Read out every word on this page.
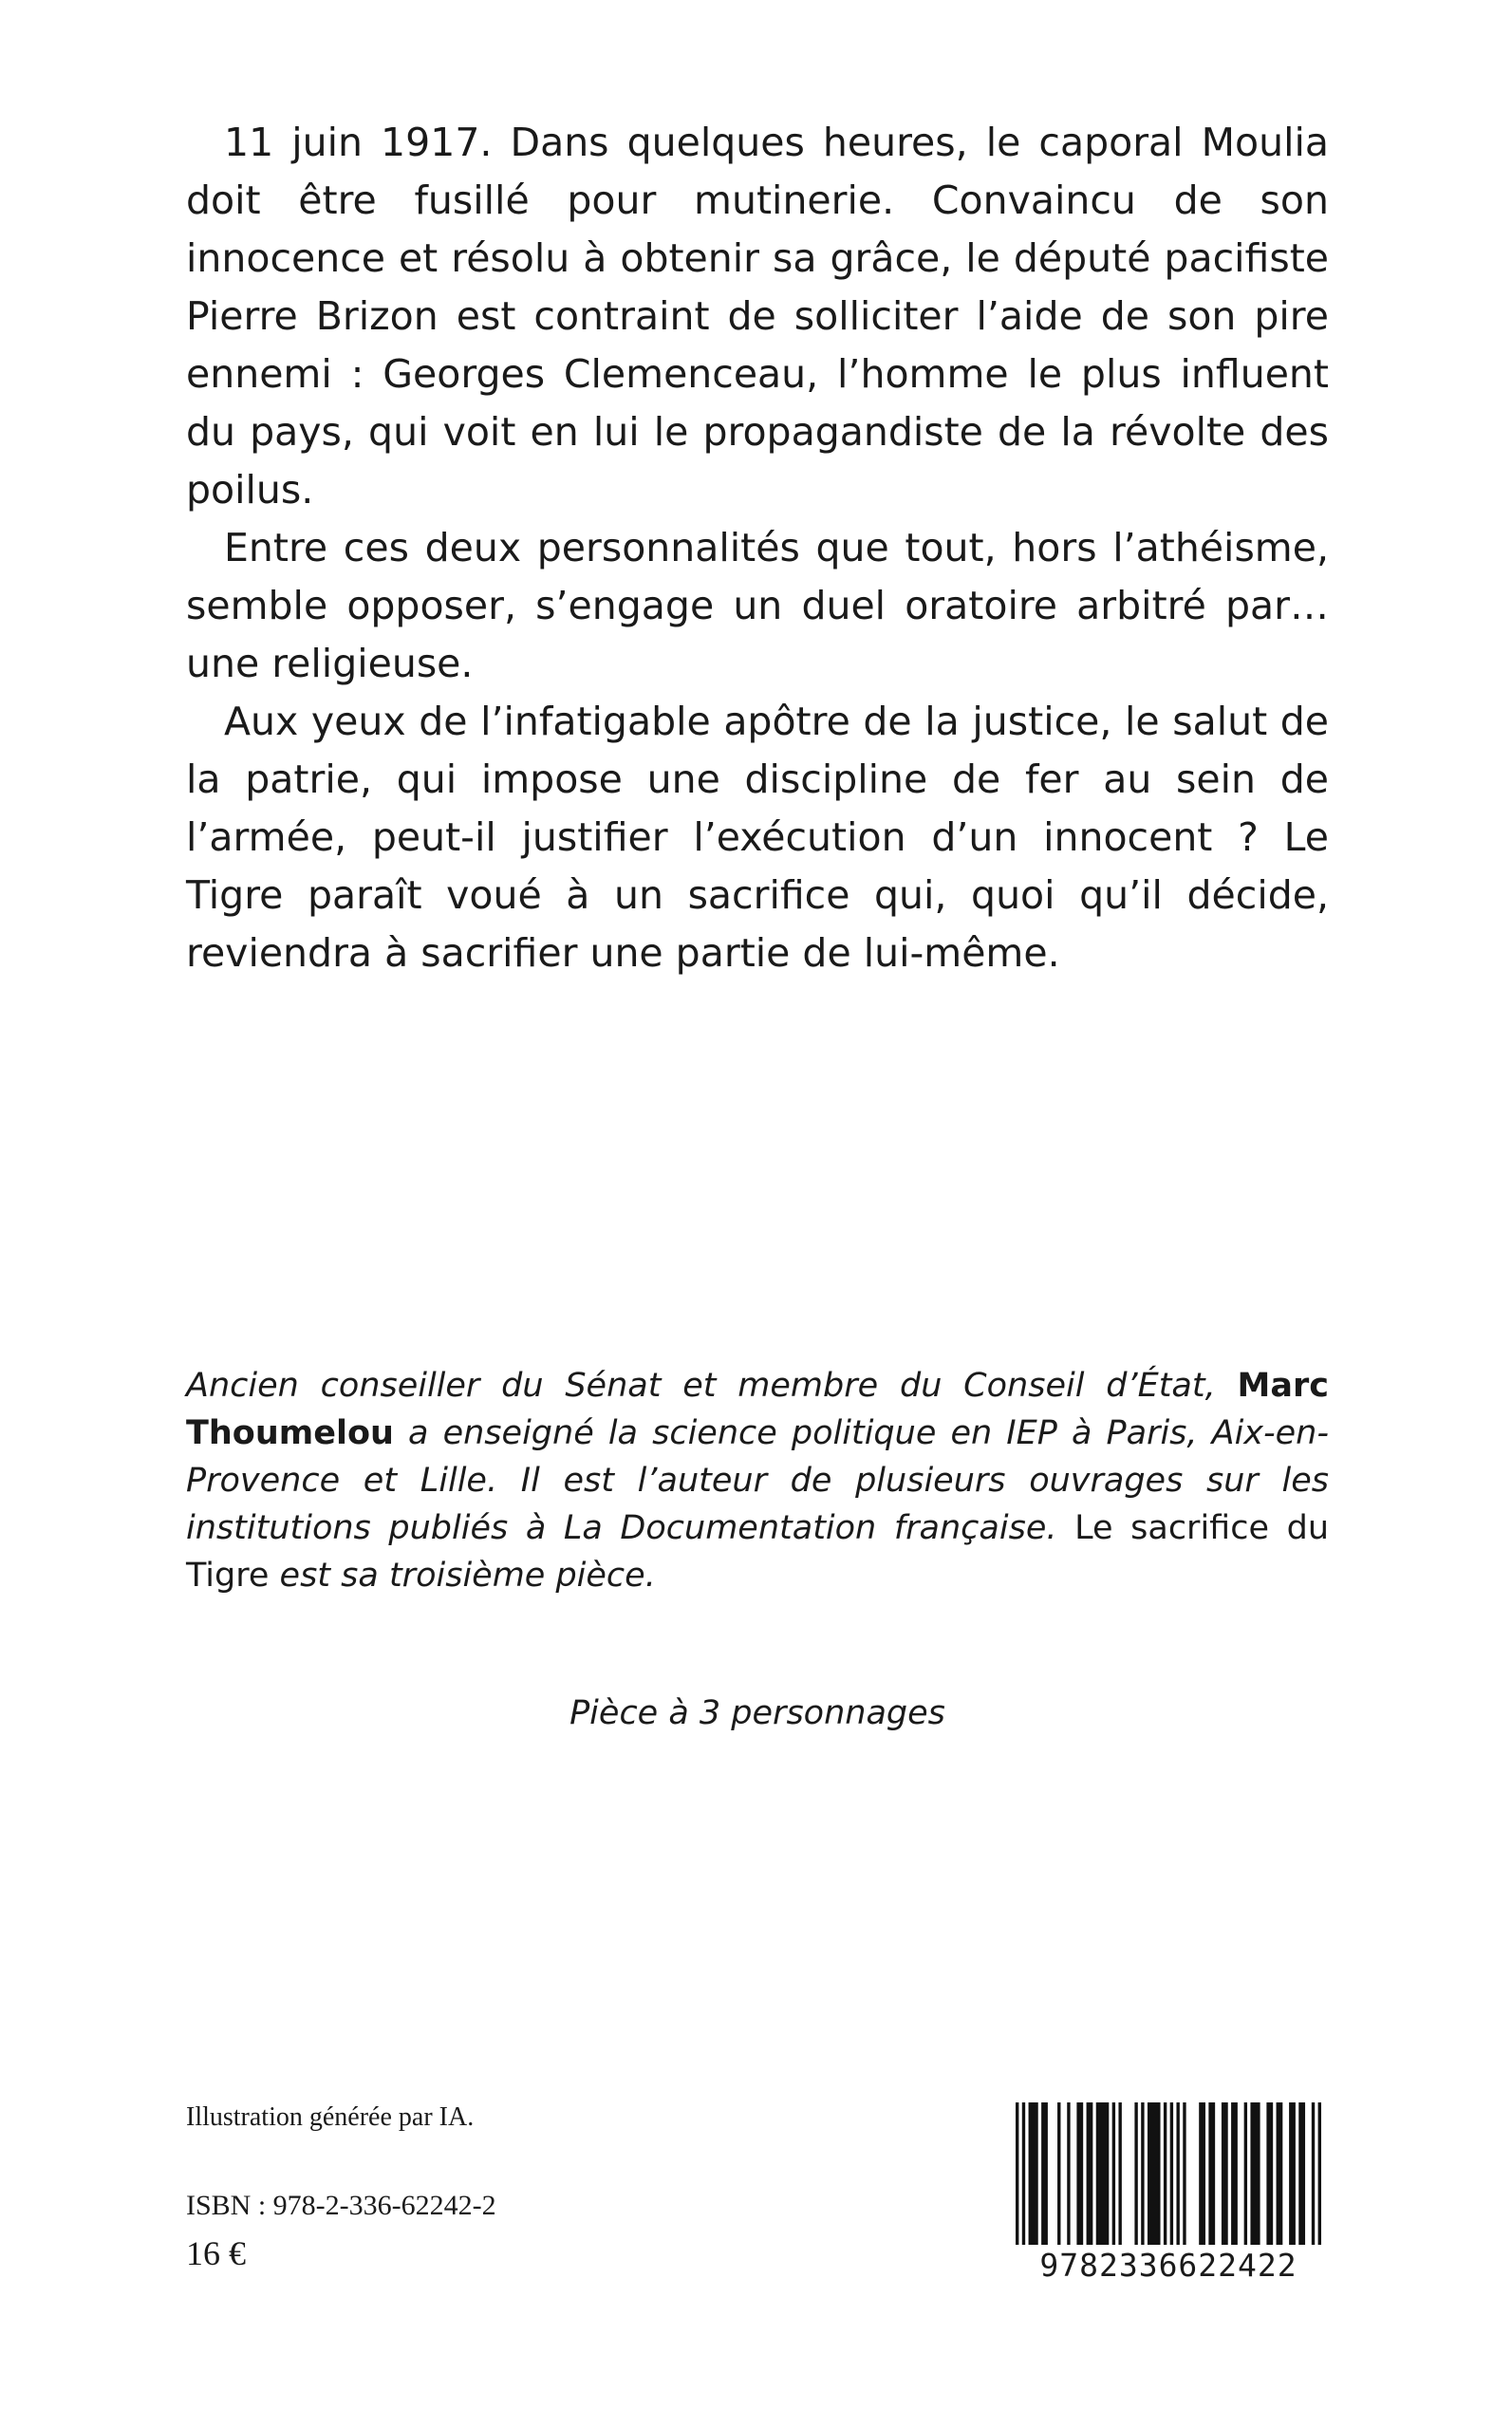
11 juin 1917. Dans quelques heures, le caporal Moulia doit être fusillé pour mutinerie. Convaincu de son innocence et résolu à obtenir sa grâce, le député pacifiste Pierre Brizon est contraint de solliciter l’aide de son pire ennemi : Georges Clemenceau, l’homme le plus influent du pays, qui voit en lui le propagandiste de la révolte des poilus.

Entre ces deux personnalités que tout, hors l’athéisme, semble opposer, s’engage un duel oratoire arbitré par… une religieuse.

Aux yeux de l’infatigable apôtre de la justice, le salut de la patrie, qui impose une discipline de fer au sein de l’armée, peut-il justifier l’exécution d’un innocent ? Le Tigre paraît voué à un sacrifice qui, quoi qu’il décide, reviendra à sacrifier une partie de lui-même.

Ancien conseiller du Sénat et membre du Conseil d’État, Marc Thoumelou a enseigné la science politique en IEP à Paris, Aix-en-Provence et Lille. Il est l’auteur de plusieurs ouvrages sur les institutions publiés à La Documentation française. Le sacrifice du Tigre est sa troisième pièce.

Pièce à 3 personnages

Illustration générée par IA.

ISBN : 978-2-336-62242-2

16 €	9782336622422
